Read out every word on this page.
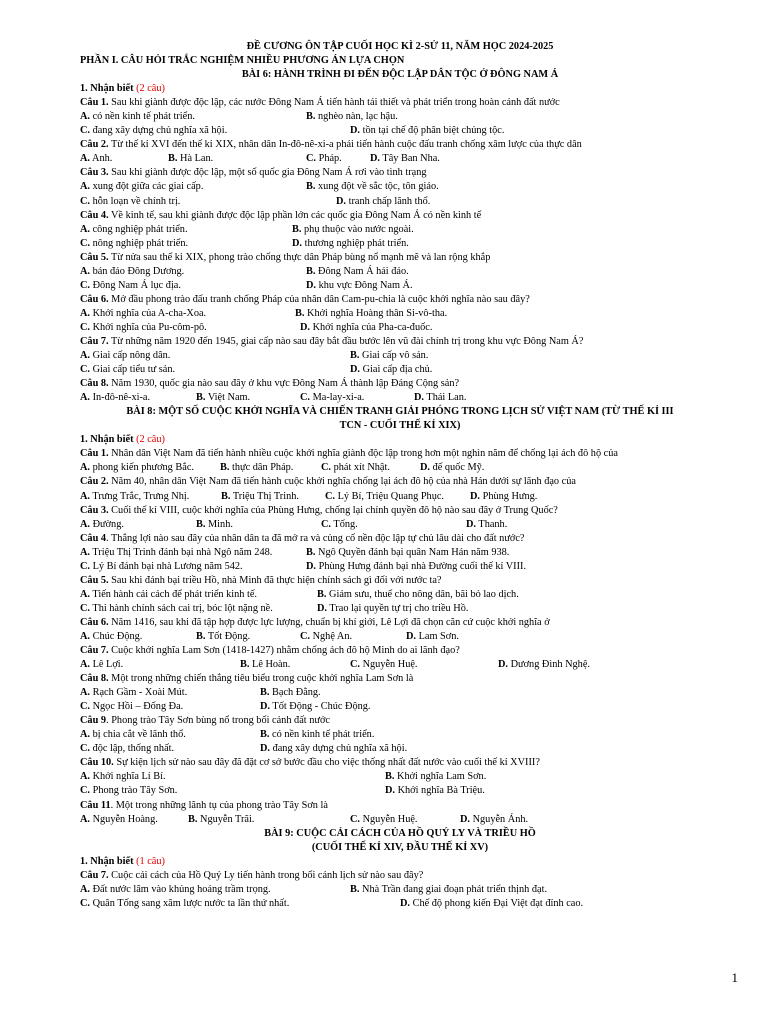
ĐỀ CƯƠNG ÔN TẬP CUỐI HỌC KÌ 2-SỬ 11, NĂM HỌC 2024-2025
PHẦN I. CÂU HỎI TRẮC NGHIỆM NHIỀU PHƯƠNG ÁN LỰA CHỌN
BÀI 6: HÀNH TRÌNH ĐI ĐẾN ĐỘC LẬP DÂN TỘC Ở ĐÔNG NAM Á
1. Nhận biết (2 câu)
Câu 1. Sau khi giành được độc lập, các nước Đông Nam Á tiến hành tái thiết và phát triển trong hoàn cảnh đất nước
A. có nền kinh tế phát triển.	B. nghèo nàn, lạc hậu.
C. đang xây dựng chủ nghĩa xã hội.	D. tồn tại chế độ phân biệt chủng tộc.
Câu 2. Từ thế kỉ XVI đến thế kỉ XIX, nhân dân In-đô-nê-xi-a phải tiến hành cuộc đấu tranh chống xâm lược của thực dân
A. Anh.	B. Hà Lan.	C. Pháp.	D. Tây Ban Nha.
Câu 3. Sau khi giành được độc lập, một số quốc gia Đông Nam Á rơi vào tình trạng
A. xung đột giữa các giai cấp.	B. xung đột về sắc tộc, tôn giáo.
C. hỗn loạn về chính trị.	D. tranh chấp lãnh thổ.
Câu 4. Về kinh tế, sau khi giành được độc lập phần lớn các quốc gia Đông Nam Á có nền kinh tế
A. công nghiệp phát triển.	B. phụ thuộc vào nước ngoài.
C. nông nghiệp phát triển.	D. thương nghiệp phát triển.
Câu 5. Từ nửa sau thế kỉ XIX, phong trào chống thực dân Pháp bùng nổ mạnh mẽ và lan rộng khắp
A. bán đảo Đông Dương.	B. Đông Nam Á hải đảo.
C. Đông Nam Á lục địa.	D. khu vực Đông Nam Á.
Câu 6. Mở đầu phong trào đấu tranh chống Pháp của nhân dân Cam-pu-chia là cuộc khởi nghĩa nào sau đây?
A. Khởi nghĩa của A-cha-Xoa.	B. Khởi nghĩa Hoàng thân Si-vô-tha.
C. Khởi nghĩa của Pu-côm-pô.	D. Khởi nghĩa của Pha-ca-đuốc.
Câu 7. Từ những năm 1920 đến 1945, giai cấp nào sau đây bắt đầu bước lên vũ đài chính trị trong khu vực Đông Nam Á?
A. Giai cấp nông dân.	B. Giai cấp vô sản.
C. Giai cấp tiểu tư sản.	D. Giai cấp địa chủ.
Câu 8. Năm 1930, quốc gia nào sau đây ở khu vực Đông Nam Á thành lập Đảng Cộng sản?
A. In-đô-nê-xi-a.	B. Việt Nam.	C. Ma-lay-xi-a.	D. Thái Lan.
BÀI 8: MỘT SỐ CUỘC KHỞI NGHĨA VÀ CHIẾN TRANH GIẢI PHÓNG TRONG LỊCH SỬ VIỆT NAM (TỪ THẾ KỈ III
TCN - CUỐI THẾ KỈ XIX)
1. Nhận biết (2 câu)
Câu 1. Nhân dân Việt Nam đã tiến hành nhiều cuộc khởi nghĩa giành độc lập trong hơn một nghìn năm để chống lại ách đô hộ của
A. phong kiến phương Bắc.	B. thực dân Pháp.	C. phát xít Nhật.	D. đế quốc Mỹ.
Câu 2. Năm 40, nhân dân Việt Nam đã tiến hành cuộc khởi nghĩa chống lại ách đô hộ của nhà Hán dưới sự lãnh đạo của
A. Trưng Trắc, Trưng Nhị.	B. Triệu Thị Trinh.	C. Lý Bí, Triệu Quang Phục.	D. Phùng Hưng.
Câu 3. Cuối thế kỉ VIII, cuộc khởi nghĩa của Phùng Hưng, chống lại chính quyền đô hộ nào sau đây ở Trung Quốc?
A. Đường.	B. Minh.	C. Tống.	D. Thanh.
Câu 4. Thắng lợi nào sau đây của nhân dân ta đã mở ra và củng cố nền độc lập tự chủ lâu dài cho đất nước?
A. Triệu Thị Trinh đánh bại nhà Ngô năm 248.	B. Ngô Quyền đánh bại quân Nam Hán năm 938.
C. Lý Bí đánh bại nhà Lương năm 542.	D. Phùng Hưng đánh bại nhà Đường cuối thế kỉ VIII.
Câu 5. Sau khi đánh bại triều Hồ, nhà Minh đã thực hiện chính sách gì đối với nước ta?
A. Tiến hành cải cách để phát triển kinh tế.	B. Giảm sưu, thuế cho nông dân, bãi bỏ lao dịch.
C. Thi hành chính sách cai trị, bóc lột nặng nề.	D. Trao lại quyền tự trị cho triều Hồ.
Câu 6. Năm 1416, sau khi đã tập hợp được lực lượng, chuẩn bị khí giới, Lê Lợi đã chọn căn cứ cuộc khởi nghĩa ở
A. Chúc Động.	B. Tốt Động.	C. Nghệ An.	D. Lam Sơn.
Câu 7. Cuộc khởi nghĩa Lam Sơn (1418-1427) nhằm chống ách đô hộ Minh do ai lãnh đạo?
A. Lê Lợi.	B. Lê Hoàn.	C. Nguyễn Huệ.	D. Dương Đình Nghệ.
Câu 8. Một trong những chiến thắng tiêu biểu trong cuộc khởi nghĩa Lam Sơn là
A. Rạch Gầm - Xoài Mút.	B. Bạch Đằng.
C. Ngọc Hồi – Đống Đa.	D. Tốt Động - Chúc Động.
Câu 9. Phong trào Tây Sơn bùng nổ trong bối cảnh đất nước
A. bị chia cắt về lãnh thổ.	B. có nền kinh tế phát triển.
C. độc lập, thống nhất.	D. đang xây dựng chủ nghĩa xã hội.
Câu 10. Sự kiện lịch sử nào sau đây đã đặt cơ sở bước đầu cho việc thống nhất đất nước vào cuối thế kỉ XVIII?
A. Khởi nghĩa Lí Bí.	B. Khởi nghĩa Lam Sơn.
C. Phong trào Tây Sơn.	D. Khởi nghĩa Bà Triệu.
Câu 11. Một trong những lãnh tụ của phong trào Tây Sơn là
A. Nguyễn Hoàng.	B. Nguyễn Trãi.	C. Nguyễn Huệ.	D. Nguyễn Ánh.
BÀI 9: CUỘC CẢI CÁCH CỦA HỒ QUÝ LY VÀ TRIỀU HỒ
(CUỐI THẾ KỈ XIV, ĐẦU THẾ KỈ XV)
1. Nhận biết (1 câu)
Câu 7. Cuộc cải cách của Hồ Quý Ly tiến hành trong bối cảnh lịch sử nào sau đây?
A. Đất nước lâm vào khủng hoảng trầm trọng.	B. Nhà Trần đang giai đoạn phát triển thịnh đạt.
C. Quân Tống sang xâm lược nước ta lần thứ nhất.	D. Chế độ phong kiến Đại Việt đạt đỉnh cao.
1
